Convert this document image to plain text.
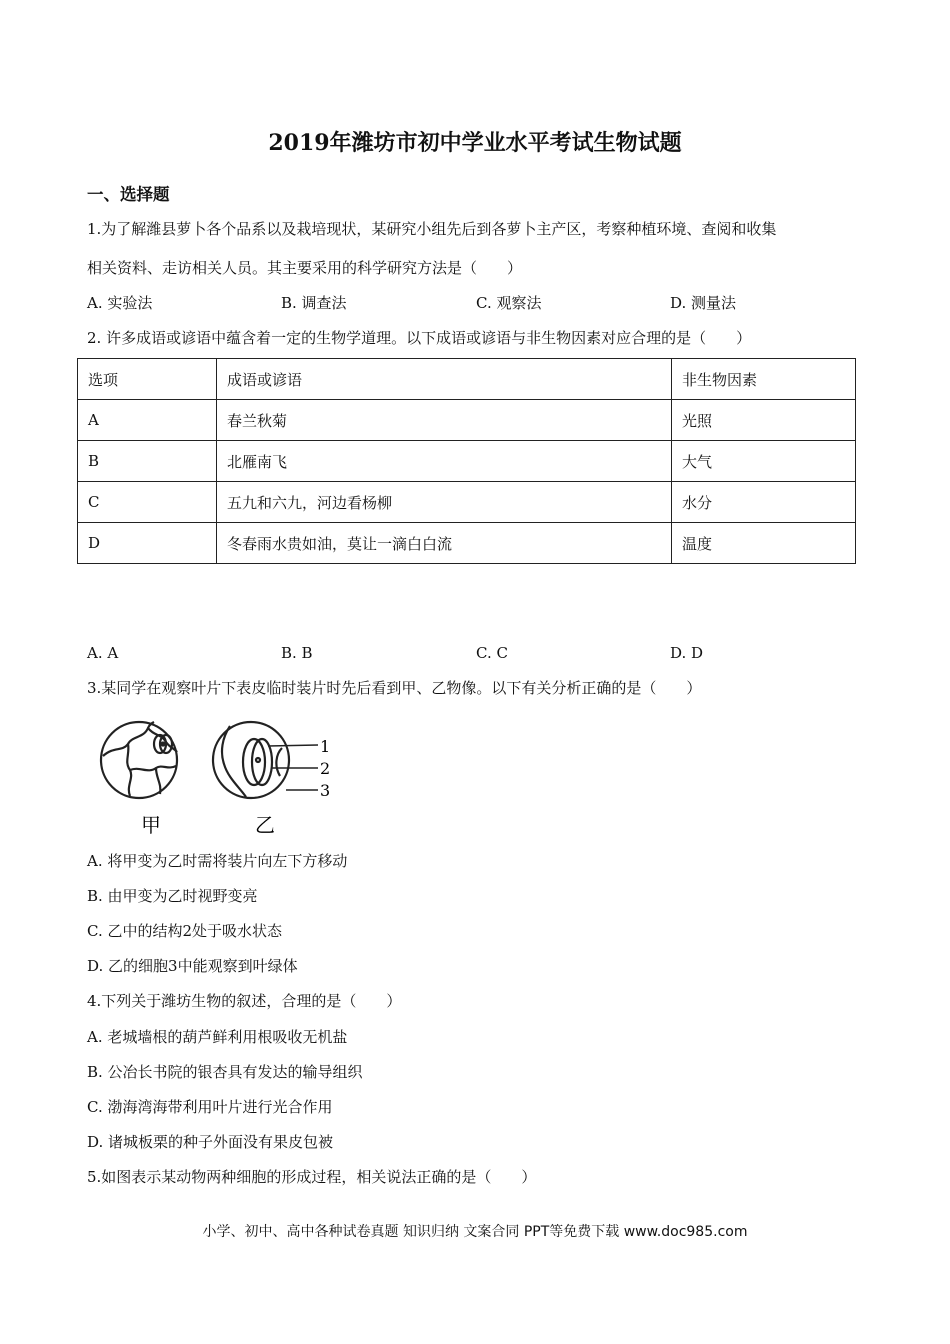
2019年潍坊市初中学业水平考试生物试题
一、选择题
1.为了解潍县萝卜各个品系以及栽培现状，某研究小组先后到各萝卜主产区，考察种植环境、查阅和收集
相关资料、走访相关人员。其主要采用的科学研究方法是（　　）
A. 实验法	B. 调查法	C. 观察法	D. 测量法
2. 许多成语或谚语中蕴含着一定的生物学道理。以下成语或谚语与非生物因素对应合理的是（　　）
选项	成语或谚语	非生物因素
A	春兰秋菊	光照
B	北雁南飞	大气
C	五九和六九，河边看杨柳	水分
D	冬春雨水贵如油，莫让一滴白白流	温度
A. A	B. B	C. C	D. D
3.某同学在观察叶片下表皮临时装片时先后看到甲、乙物像。以下有关分析正确的是（　　）
1
2
3
甲	乙
A. 将甲变为乙时需将装片向左下方移动
B. 由甲变为乙时视野变亮
C. 乙中的结构2处于吸水状态
D. 乙的细胞3中能观察到叶绿体
4.下列关于潍坊生物的叙述，合理的是（　　）
A. 老城墙根的葫芦鲜利用根吸收无机盐
B. 公冶长书院的银杏具有发达的输导组织
C. 渤海湾海带利用叶片进行光合作用
D. 诸城板栗的种子外面没有果皮包被
5.如图表示某动物两种细胞的形成过程，相关说法正确的是（　　）
小学、初中、高中各种试卷真题 知识归纳 文案合同 PPT等免费下载 www.doc985.com
